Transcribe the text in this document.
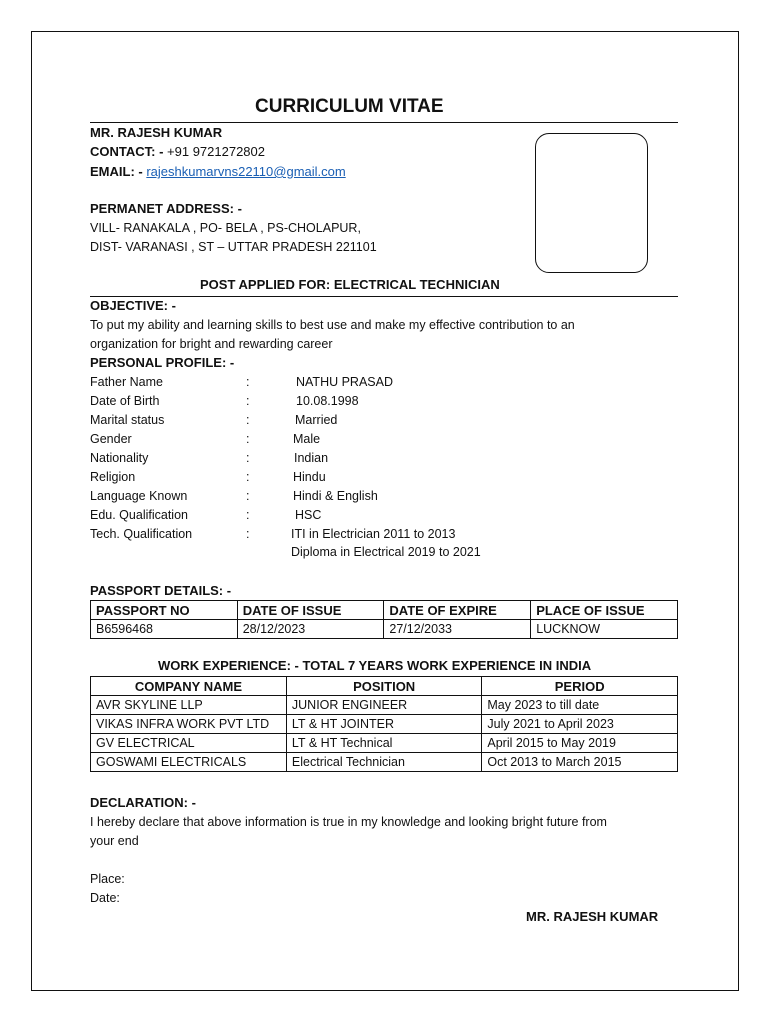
CURRICULUM VITAE
MR. RAJESH KUMAR
CONTACT: - +91 9721272802
EMAIL: - rajeshkumarvns22110@gmail.com
PERMANET ADDRESS: -
VILL- RANAKALA , PO- BELA , PS-CHOLAPUR,
DIST- VARANASI , ST – UTTAR PRADESH 221101
POST APPLIED FOR: ELECTRICAL TECHNICIAN
OBJECTIVE: -
To put my ability and learning skills to best use and make my effective contribution to an
organization for bright and rewarding career
PERSONAL PROFILE: -
Father Name	:	NATHU PRASAD
Date of Birth	:	10.08.1998
Marital status	:	Married
Gender	:	Male
Nationality	:	Indian
Religion	:	Hindu
Language Known	:	Hindi & English
Edu. Qualification	:	HSC
Tech. Qualification	:	ITI in Electrician 2011 to 2013
Diploma in Electrical 2019 to 2021
PASSPORT DETAILS: -
PASSPORT NO	DATE OF ISSUE	DATE OF EXPIRE	PLACE OF ISSUE
B6596468	28/12/2023	27/12/2033	LUCKNOW
WORK EXPERIENCE: - TOTAL 7 YEARS WORK EXPERIENCE IN INDIA
COMPANY NAME	POSITION	PERIOD
AVR SKYLINE LLP	JUNIOR ENGINEER	May 2023 to till date
VIKAS INFRA WORK PVT LTD	LT & HT JOINTER	July 2021 to April 2023
GV ELECTRICAL	LT & HT Technical	April 2015 to May 2019
GOSWAMI ELECTRICALS	Electrical Technician	Oct 2013 to March 2015
DECLARATION: -
I hereby declare that above information is true in my knowledge and looking bright future from
your end
Place:
Date:
MR. RAJESH KUMAR
